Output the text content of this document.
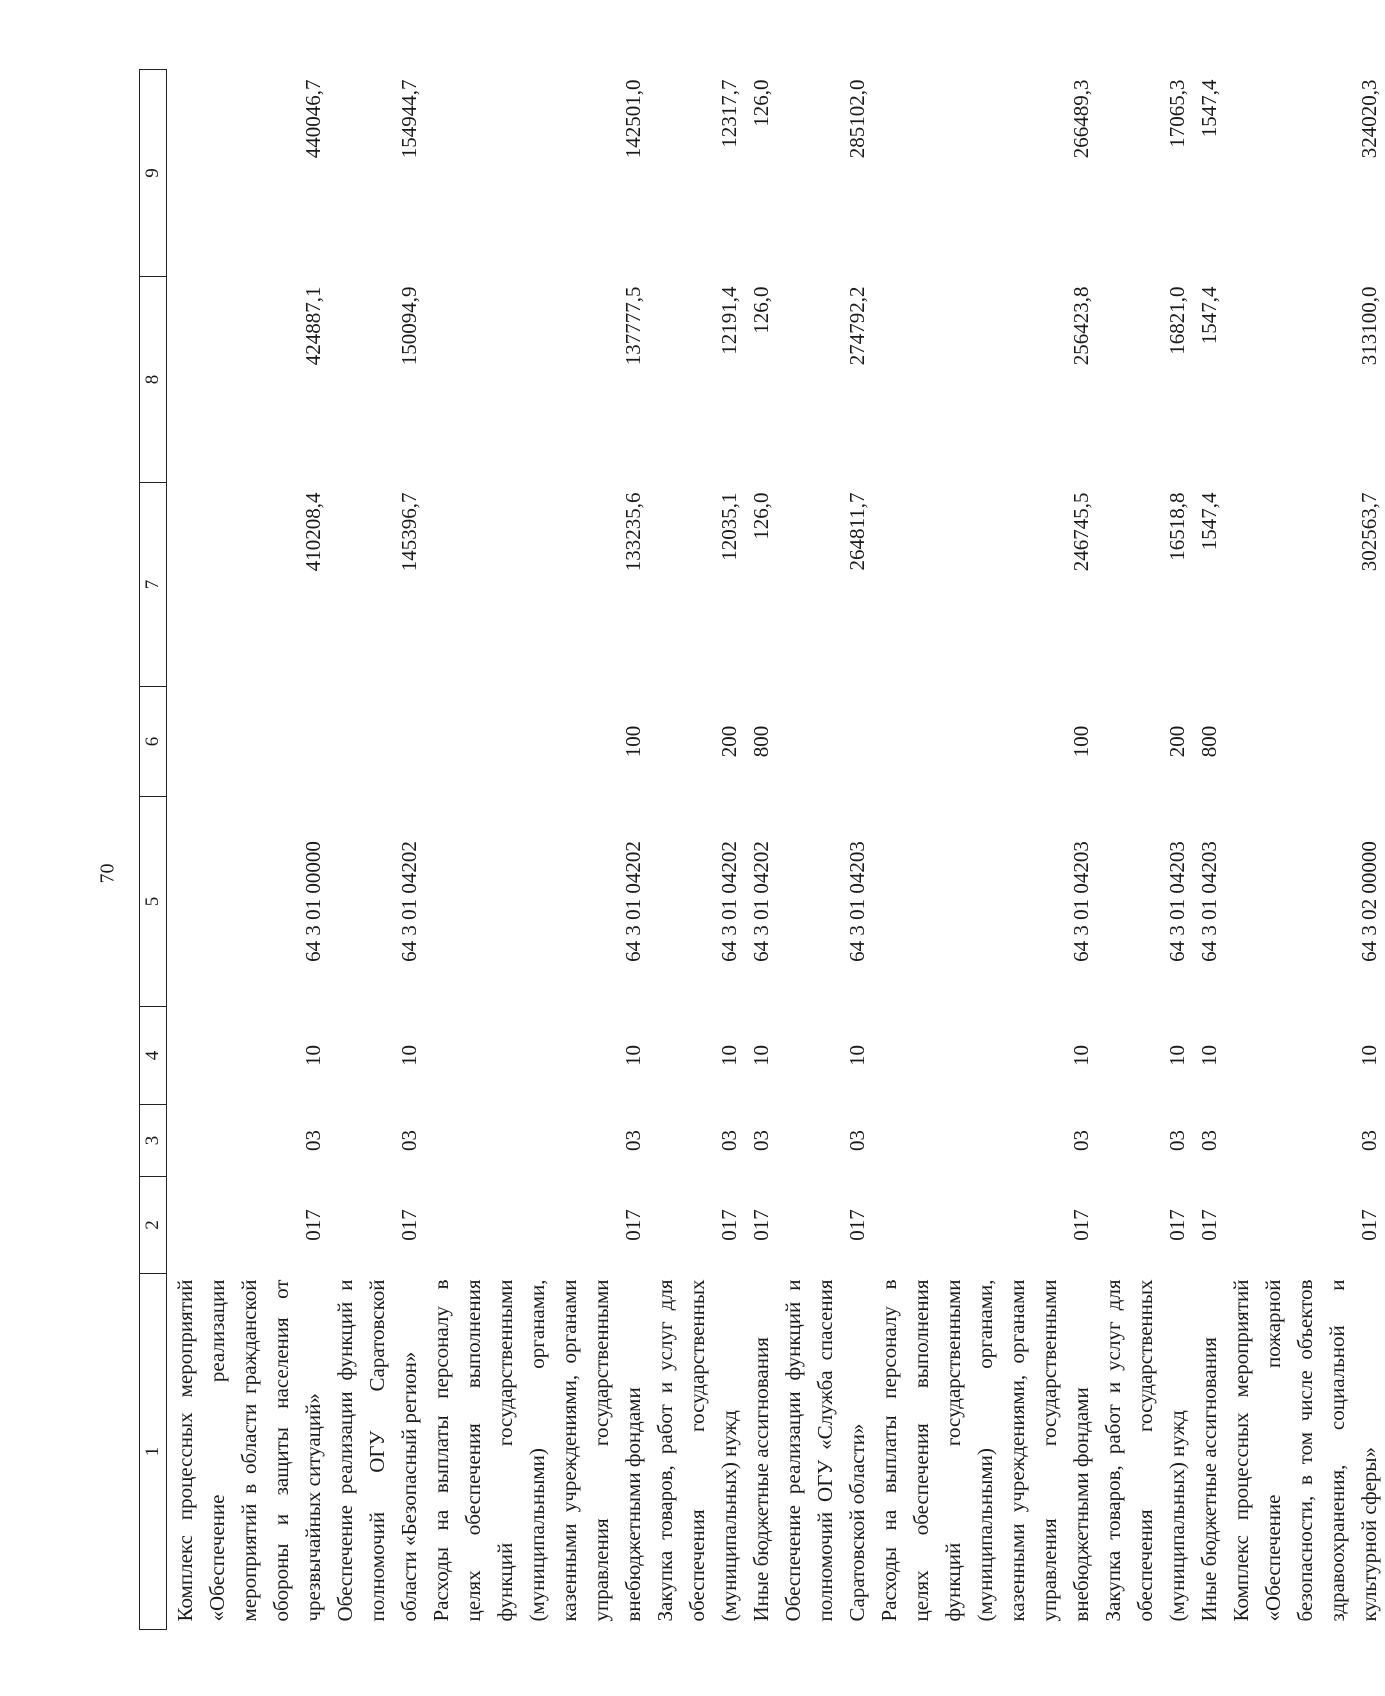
70
1	2	3	4	5	6	7	8	9
Комплекс процессных мероприятий «Обеспечение реализации мероприятий в области гражданской обороны и защиты населения от чрезвычайных ситуаций»	017	03	10	64 3 01 00000		410208,4	424887,1	440046,7
Обеспечение реализации функций и полномочий ОГУ Саратовской области «Безопасный регион»	017	03	10	64 3 01 04202		145396,7	150094,9	154944,7
Расходы на выплаты персоналу в целях обеспечения выполнения функций государственными (муниципальными) органами, казенными учреждениями, органами управления государственными внебюджетными фондами	017	03	10	64 3 01 04202	100	133235,6	137777,5	142501,0
Закупка товаров, работ и услуг для обеспечения государственных (муниципальных) нужд	017	03	10	64 3 01 04202	200	12035,1	12191,4	12317,7
Иные бюджетные ассигнования	017	03	10	64 3 01 04202	800	126,0	126,0	126,0
Обеспечение реализации функций и полномочий ОГУ «Служба спасения Саратовской области»	017	03	10	64 3 01 04203		264811,7	274792,2	285102,0
Расходы на выплаты персоналу в целях обеспечения выполнения функций государственными (муниципальными) органами, казенными учреждениями, органами управления государственными внебюджетными фондами	017	03	10	64 3 01 04203	100	246745,5	256423,8	266489,3
Закупка товаров, работ и услуг для обеспечения государственных (муниципальных) нужд	017	03	10	64 3 01 04203	200	16518,8	16821,0	17065,3
Иные бюджетные ассигнования	017	03	10	64 3 01 04203	800	1547,4	1547,4	1547,4
Комплекс процессных мероприятий «Обеспечение пожарной безопасности, в том числе объектов здравоохранения, социальной и культурной сферы»	017	03	10	64 3 02 00000		302563,7	313100,0	324020,3
